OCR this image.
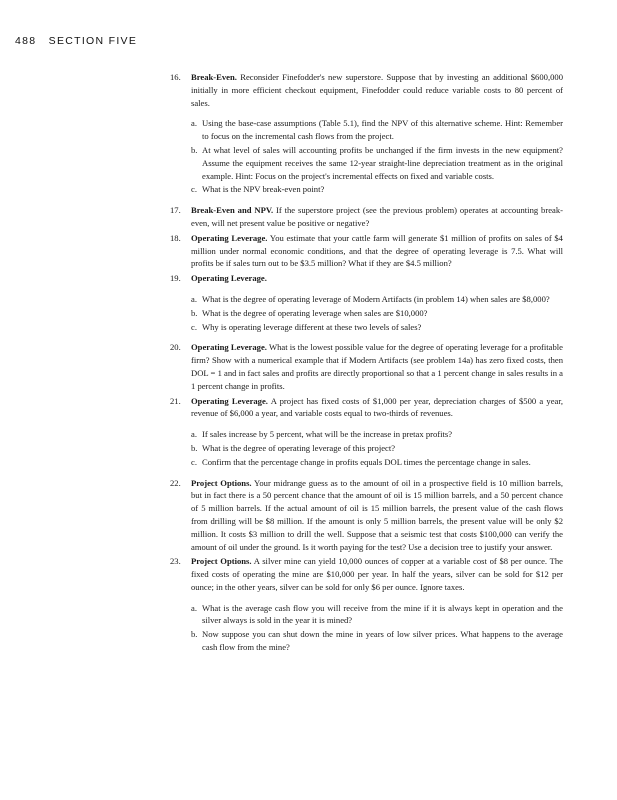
488 SECTION FIVE
16.	Break-Even. Reconsider Finefodder's new superstore. Suppose that by investing an additional $600,000 initially in more efficient checkout equipment, Finefodder could reduce variable costs to 80 percent of sales.
a. Using the base-case assumptions (Table 5.1), find the NPV of this alternative scheme. Hint: Remember to focus on the incremental cash flows from the project.
b. At what level of sales will accounting profits be unchanged if the firm invests in the new equipment? Assume the equipment receives the same 12-year straight-line depreciation treatment as in the original example. Hint: Focus on the project's incremental effects on fixed and variable costs.
c. What is the NPV break-even point?
17.	Break-Even and NPV. If the superstore project (see the previous problem) operates at accounting break-even, will net present value be positive or negative?
18.	Operating Leverage. You estimate that your cattle farm will generate $1 million of profits on sales of $4 million under normal economic conditions, and that the degree of operating leverage is 7.5. What will profits be if sales turn out to be $3.5 million? What if they are $4.5 million?
19.	Operating Leverage.
a. What is the degree of operating leverage of Modern Artifacts (in problem 14) when sales are $8,000?
b. What is the degree of operating leverage when sales are $10,000?
c. Why is operating leverage different at these two levels of sales?
20.	Operating Leverage. What is the lowest possible value for the degree of operating leverage for a profitable firm? Show with a numerical example that if Modern Artifacts (see problem 14a) has zero fixed costs, then DOL = 1 and in fact sales and profits are directly proportional so that a 1 percent change in sales results in a 1 percent change in profits.
21.	Operating Leverage. A project has fixed costs of $1,000 per year, depreciation charges of $500 a year, revenue of $6,000 a year, and variable costs equal to two-thirds of revenues.
a. If sales increase by 5 percent, what will be the increase in pretax profits?
b. What is the degree of operating leverage of this project?
c. Confirm that the percentage change in profits equals DOL times the percentage change in sales.
22.	Project Options. Your midrange guess as to the amount of oil in a prospective field is 10 million barrels, but in fact there is a 50 percent chance that the amount of oil is 15 million barrels, and a 50 percent chance of 5 million barrels. If the actual amount of oil is 15 million barrels, the present value of the cash flows from drilling will be $8 million. If the amount is only 5 million barrels, the present value will be only $2 million. It costs $3 million to drill the well. Suppose that a seismic test that costs $100,000 can verify the amount of oil under the ground. Is it worth paying for the test? Use a decision tree to justify your answer.
23.	Project Options. A silver mine can yield 10,000 ounces of copper at a variable cost of $8 per ounce. The fixed costs of operating the mine are $10,000 per year. In half the years, silver can be sold for $12 per ounce; in the other years, silver can be sold for only $6 per ounce. Ignore taxes.
a. What is the average cash flow you will receive from the mine if it is always kept in operation and the silver always is sold in the year it is mined?
b. Now suppose you can shut down the mine in years of low silver prices. What happens to the average cash flow from the mine?
